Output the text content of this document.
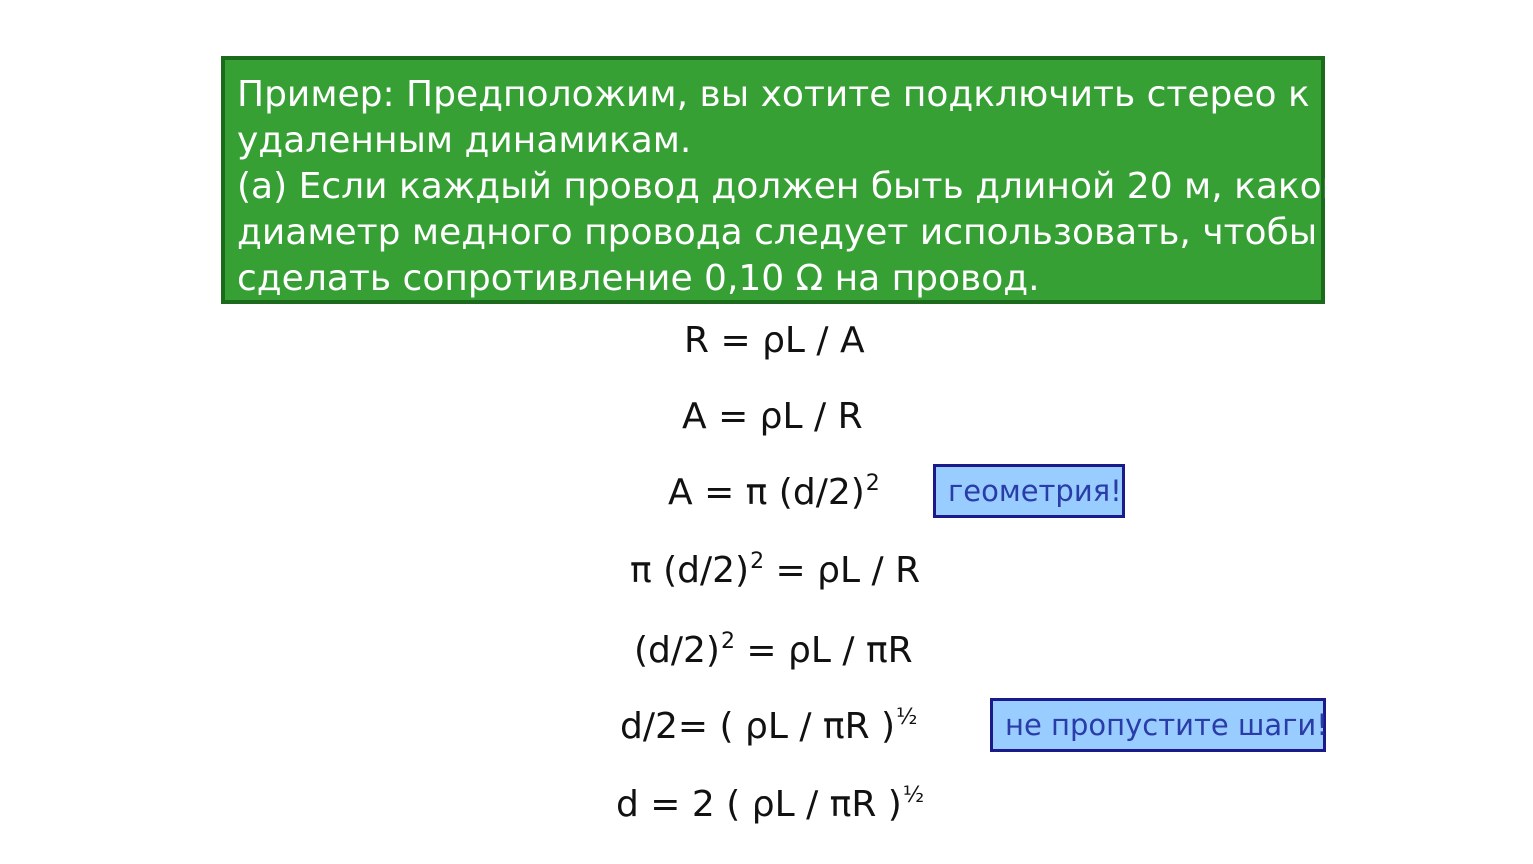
Пример: Предположим, вы хотите подключить стерео к
удаленным динамикам.
(а) Если каждый провод должен быть длиной 20 м, какой
диаметр медного провода следует использовать, чтобы
сделать сопротивление 0,10 Ω на провод.
R = ρL / A
A = ρL / R
A = π $(d/2)^2$	геометрия!
π $(d/2)^2 = \rho L / R$
$(d/2)^2 = \rho L / \pi R$
d/2= ( ρL / πR )$^{\frac{1}{2}}$	не пропустите шаги!
d = 2 ( ρL / πR )$^{\frac{1}{2}}$
